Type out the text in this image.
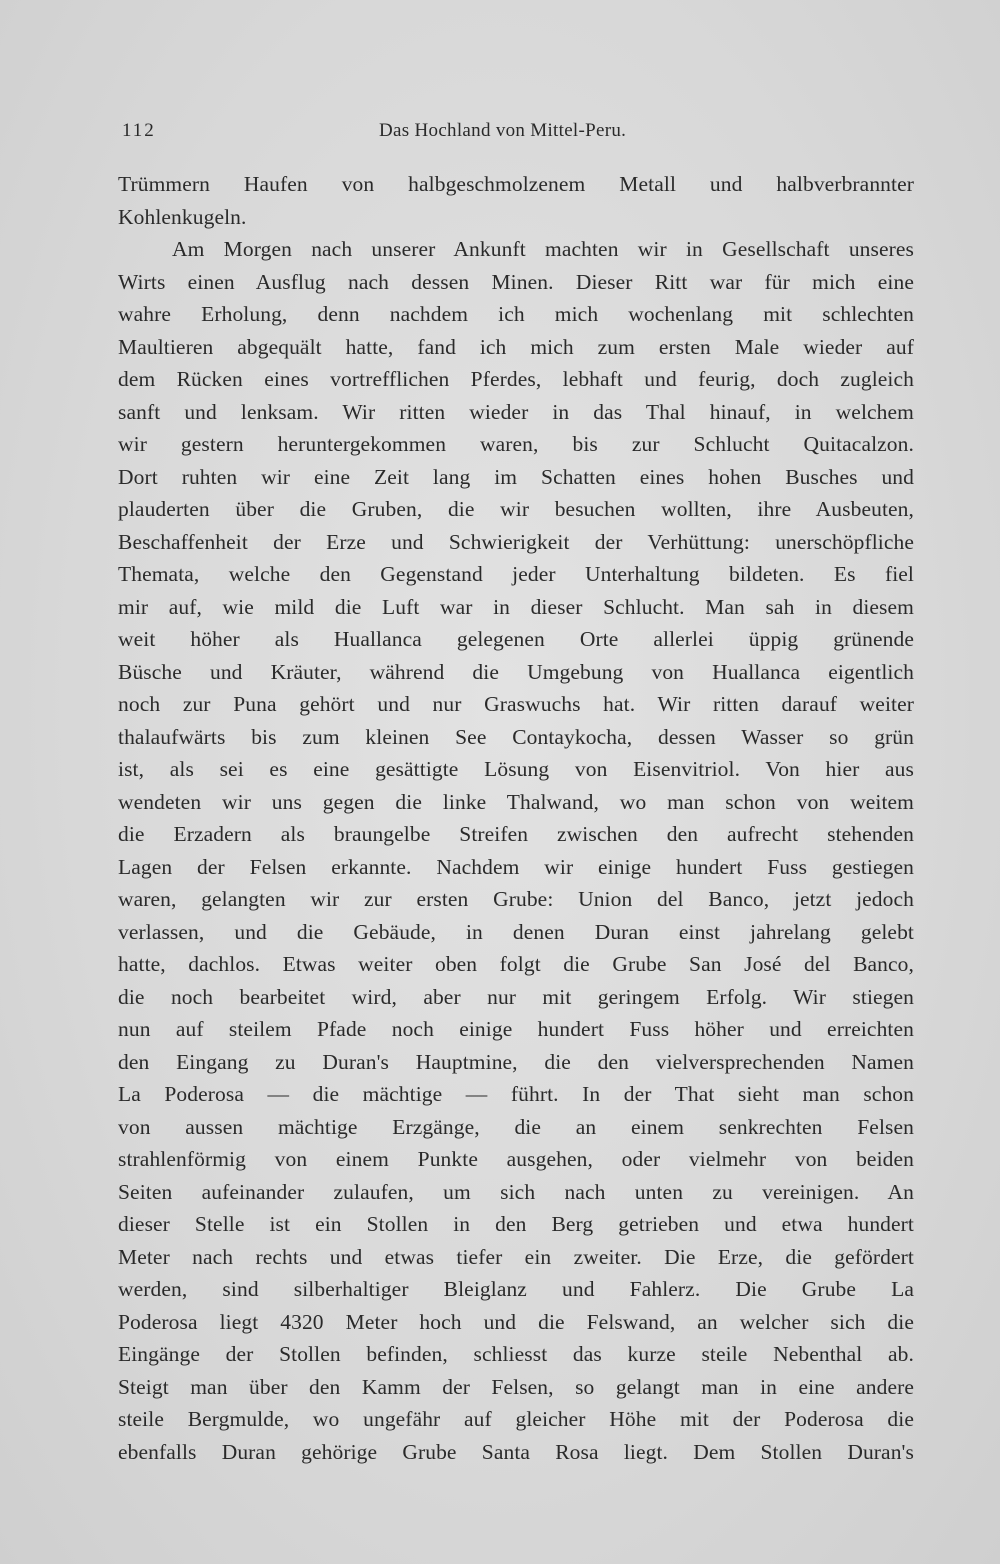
112	Das Hochland von Mittel-Peru.
Trümmern Haufen von halbgeschmolzenem Metall und halbverbrannter
Kohlenkugeln.
Am Morgen nach unserer Ankunft machten wir in Gesellschaft unseres
Wirts einen Ausflug nach dessen Minen. Dieser Ritt war für mich eine
wahre Erholung, denn nachdem ich mich wochenlang mit schlechten
Maultieren abgequält hatte, fand ich mich zum ersten Male wieder auf
dem Rücken eines vortrefflichen Pferdes, lebhaft und feurig, doch zugleich
sanft und lenksam. Wir ritten wieder in das Thal hinauf, in welchem
wir gestern heruntergekommen waren, bis zur Schlucht Quitacalzon.
Dort ruhten wir eine Zeit lang im Schatten eines hohen Busches und
plauderten über die Gruben, die wir besuchen wollten, ihre Ausbeuten,
Beschaffenheit der Erze und Schwierigkeit der Verhüttung: unerschöpfliche
Themata, welche den Gegenstand jeder Unterhaltung bildeten. Es fiel
mir auf, wie mild die Luft war in dieser Schlucht. Man sah in diesem
weit höher als Huallanca gelegenen Orte allerlei üppig grünende
Büsche und Kräuter, während die Umgebung von Huallanca eigentlich
noch zur Puna gehört und nur Graswuchs hat. Wir ritten darauf weiter
thalaufwärts bis zum kleinen See Contaykocha, dessen Wasser so grün
ist, als sei es eine gesättigte Lösung von Eisenvitriol. Von hier aus
wendeten wir uns gegen die linke Thalwand, wo man schon von weitem
die Erzadern als braungelbe Streifen zwischen den aufrecht stehenden
Lagen der Felsen erkannte. Nachdem wir einige hundert Fuss gestiegen
waren, gelangten wir zur ersten Grube: Union del Banco, jetzt jedoch
verlassen, und die Gebäude, in denen Duran einst jahrelang gelebt
hatte, dachlos. Etwas weiter oben folgt die Grube San José del Banco,
die noch bearbeitet wird, aber nur mit geringem Erfolg. Wir stiegen
nun auf steilem Pfade noch einige hundert Fuss höher und erreichten
den Eingang zu Duran's Hauptmine, die den vielversprechenden Namen
La Poderosa — die mächtige — führt. In der That sieht man schon
von aussen mächtige Erzgänge, die an einem senkrechten Felsen
strahlenförmig von einem Punkte ausgehen, oder vielmehr von beiden
Seiten aufeinander zulaufen, um sich nach unten zu vereinigen. An
dieser Stelle ist ein Stollen in den Berg getrieben und etwa hundert
Meter nach rechts und etwas tiefer ein zweiter. Die Erze, die gefördert
werden, sind silberhaltiger Bleiglanz und Fahlerz. Die Grube La
Poderosa liegt 4320 Meter hoch und die Felswand, an welcher sich die
Eingänge der Stollen befinden, schliesst das kurze steile Nebenthal ab.
Steigt man über den Kamm der Felsen, so gelangt man in eine andere
steile Bergmulde, wo ungefähr auf gleicher Höhe mit der Poderosa die
ebenfalls Duran gehörige Grube Santa Rosa liegt. Dem Stollen Duran's
